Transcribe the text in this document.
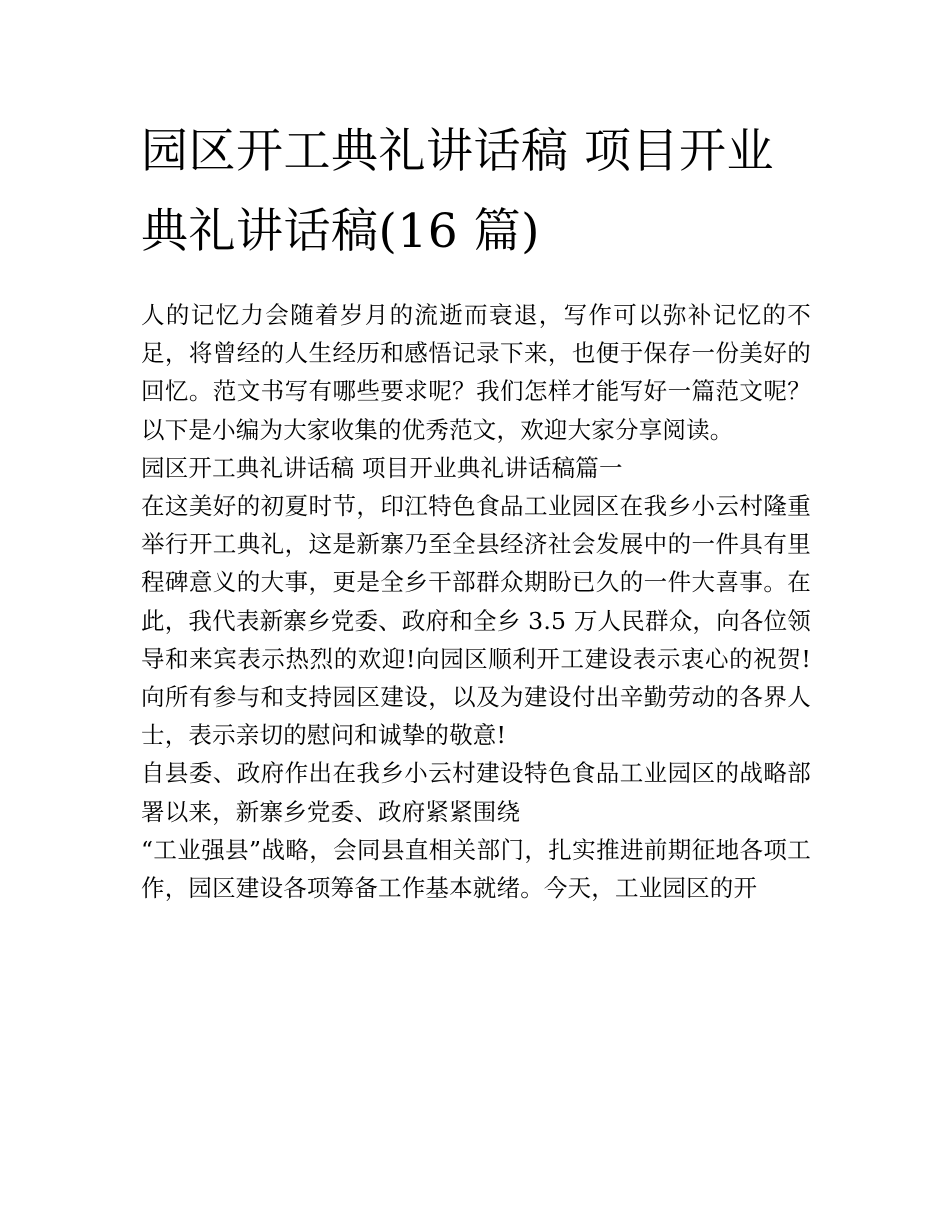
园区开工典礼讲话稿 项目开业
典礼讲话稿(16 篇)

人的记忆力会随着岁月的流逝而衰退，写作可以弥补记忆的不足，将曾经的人生经历和感悟记录下来，也便于保存一份美好的回忆。范文书写有哪些要求呢？我们怎样才能写好一篇范文呢？以下是小编为大家收集的优秀范文，欢迎大家分享阅读。

园区开工典礼讲话稿 项目开业典礼讲话稿篇一

在这美好的初夏时节，印江特色食品工业园区在我乡小云村隆重举行开工典礼，这是新寨乃至全县经济社会发展中的一件具有里程碑意义的大事，更是全乡干部群众期盼已久的一件大喜事。在此，我代表新寨乡党委、政府和全乡 3.5 万人民群众，向各位领导和来宾表示热烈的欢迎!向园区顺利开工建设表示衷心的祝贺!向所有参与和支持园区建设，以及为建设付出辛勤劳动的各界人士，表示亲切的慰问和诚挚的敬意!

自县委、政府作出在我乡小云村建设特色食品工业园区的战略部署以来，新寨乡党委、政府紧紧围绕

“工业强县”战略，会同县直相关部门，扎实推进前期征地各项工作，园区建设各项筹备工作基本就绪。今天，工业园区的开
